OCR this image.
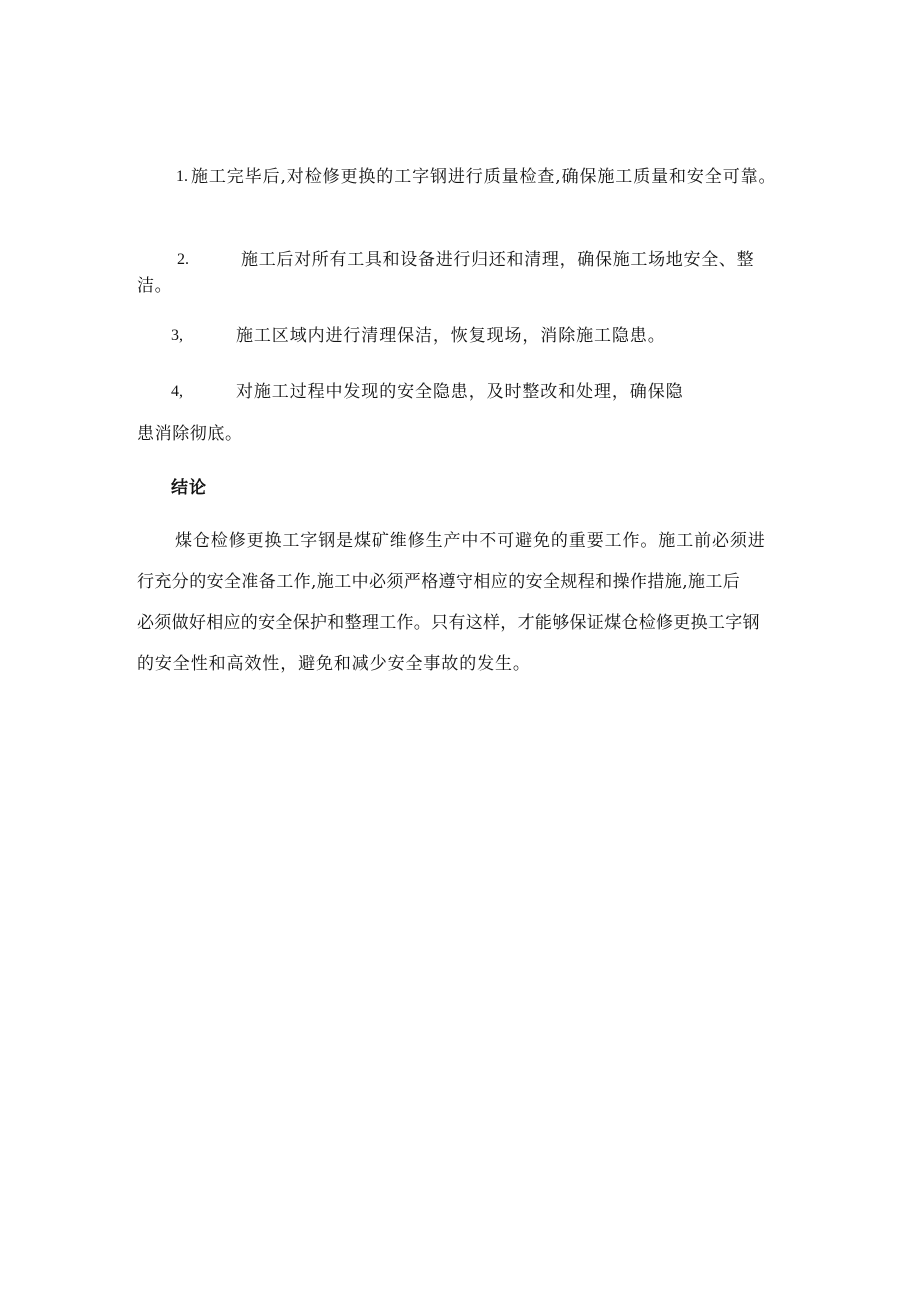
1. 施工完毕后,对检修更换的工字钢进行质量检查,确保施工质量和安全可靠。
2.	施工后对所有工具和设备进行归还和清理，确保施工场地安全、整
洁。
3,	施工区域内进行清理保洁，恢复现场，消除施工隐患。
4,	对施工过程中发现的安全隐患，及时整改和处理，确保隐
患消除彻底。
结论
煤仓检修更换工字钢是煤矿维修生产中不可避免的重要工作。施工前必须进
行充分的安全准备工作,施工中必须严格遵守相应的安全规程和操作措施,施工后
必须做好相应的安全保护和整理工作。只有这样，才能够保证煤仓检修更换工字钢
的安全性和高效性，避免和减少安全事故的发生。
